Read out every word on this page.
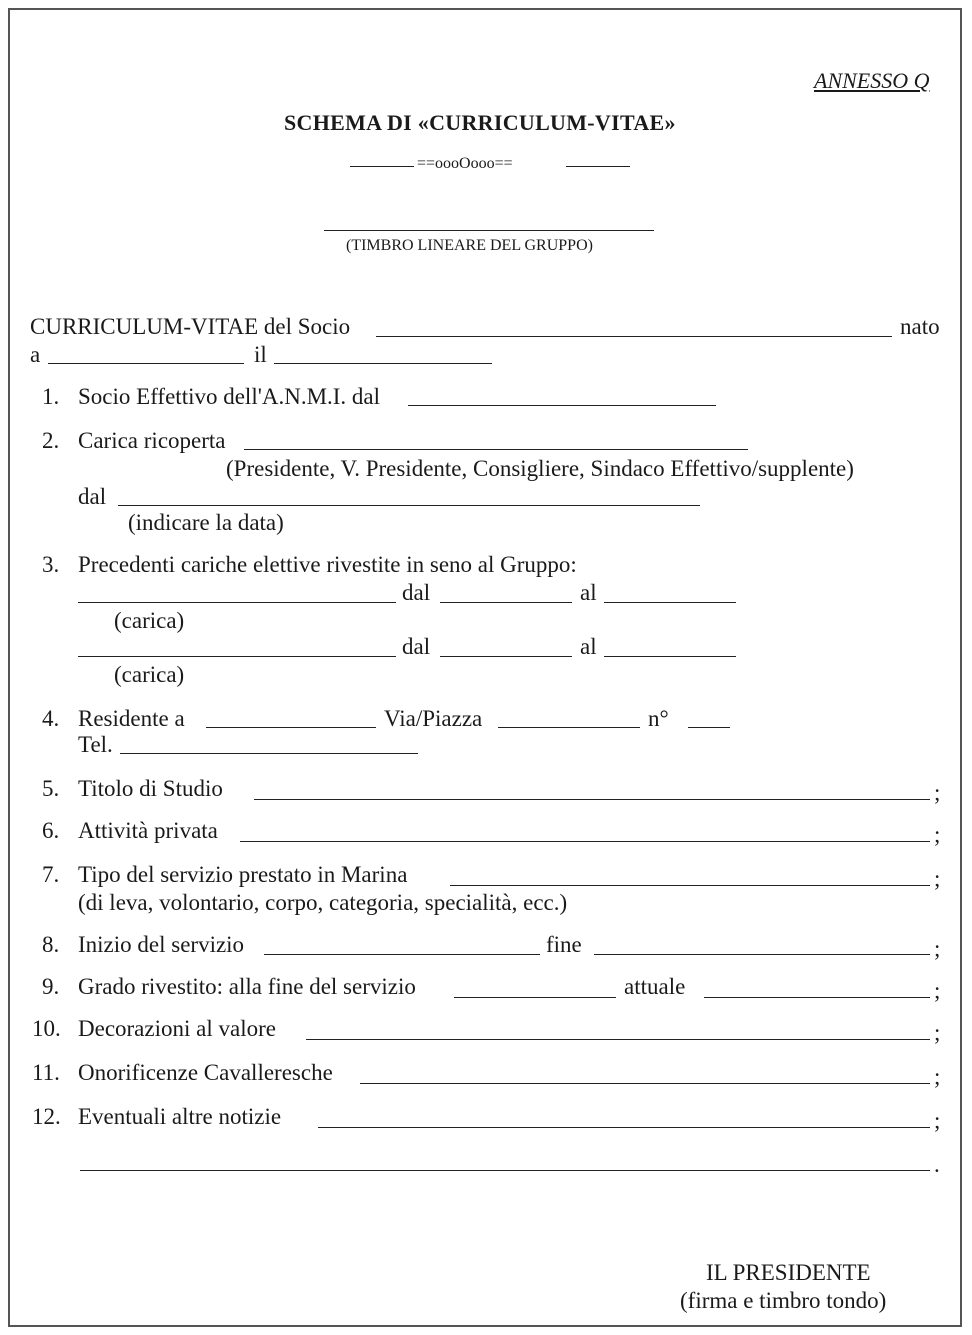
ANNESSO Q
SCHEMA DI «CURRICULUM-VITAE»
==oooOooo==
(TIMBRO LINEARE DEL GRUPPO)
CURRICULUM-VITAE del Socio	nato
a	il
1. Socio Effettivo dell'A.N.M.I. dal
2. Carica ricoperta
(Presidente, V. Presidente, Consigliere, Sindaco Effettivo/supplente)
dal
(indicare la data)
3. Precedenti cariche elettive rivestite in seno al Gruppo:
dal	al
(carica)
dal	al
(carica)
4. Residente a	Via/Piazza	n°
Tel.
5. Titolo di Studio	;
6. Attività privata	;
7. Tipo del servizio prestato in Marina	;
(di leva, volontario, corpo, categoria, specialità, ecc.)
8. Inizio del servizio	fine	;
9. Grado rivestito: alla fine del servizio	attuale	;
10. Decorazioni al valore	;
11. Onorificenze Cavalleresche	;
12. Eventuali altre notizie	;
.
IL PRESIDENTE
(firma e timbro tondo)
